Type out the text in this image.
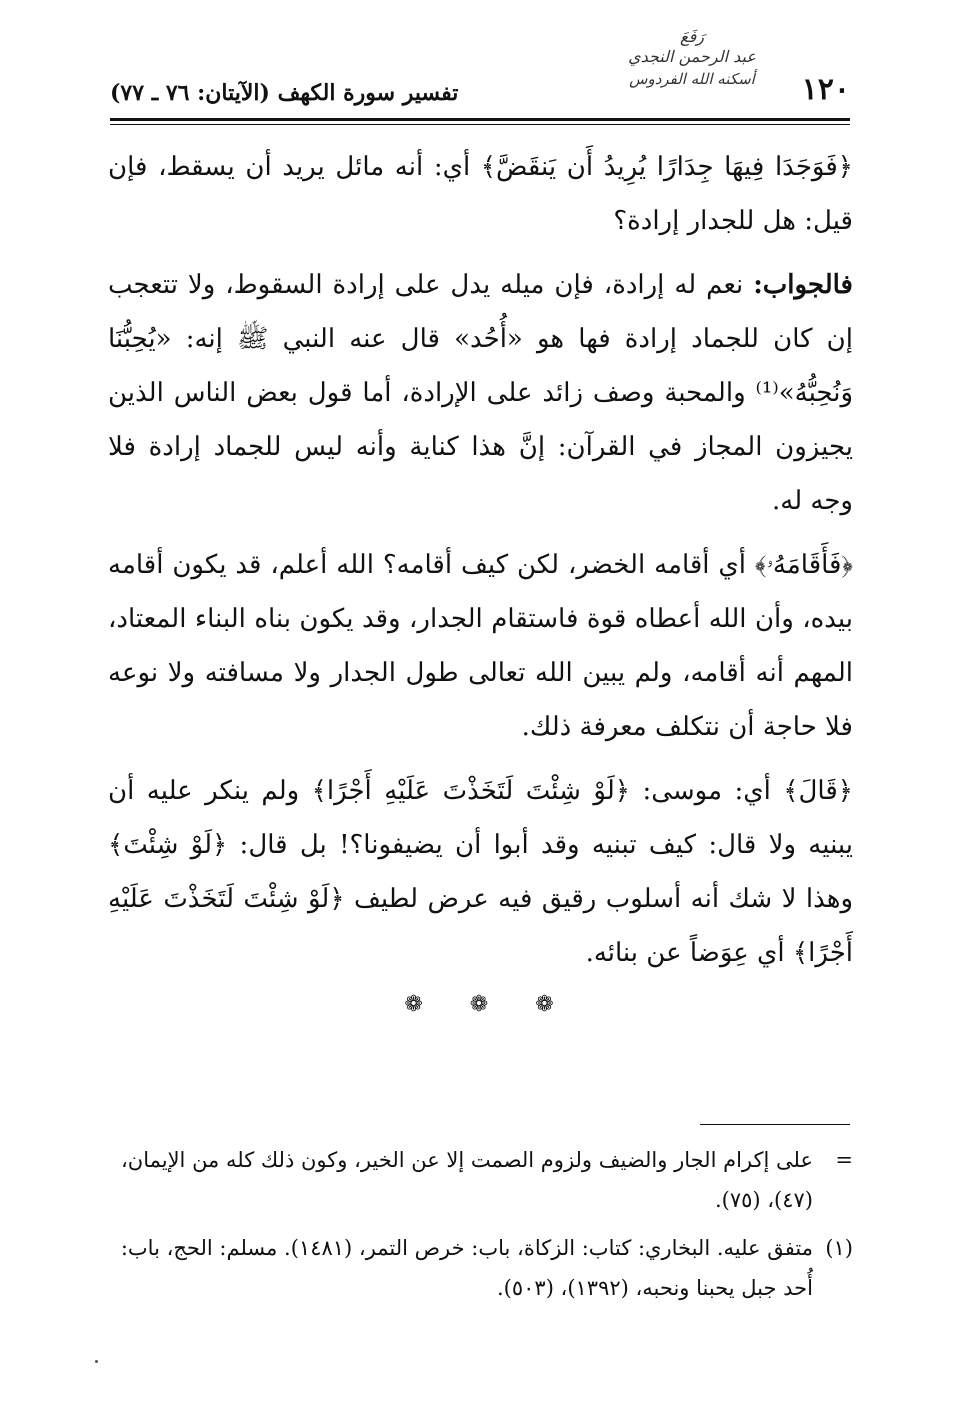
١٢٠
رَفَعَ
عبد الرحمن النجدي
أسكنه الله الفردوس
تفسير سورة الكهف (الآيتان: ٧٦ ـ ٧٧)

﴿فَوَجَدَا فِيهَا جِدَارًا يُرِيدُ أَن يَنقَضَّ﴾ أي: أنه مائل يريد أن يسقط، فإن قيل: هل للجدار إرادة؟

فالجواب: نعم له إرادة، فإن ميله يدل على إرادة السقوط، ولا تتعجب إن كان للجماد إرادة فها هو «أُحُد» قال عنه النبي ﷺ إنه: «يُحِبُّنَا وَنُحِبُّهُ»⁽¹⁾ والمحبة وصف زائد على الإرادة، أما قول بعض الناس الذين يجيزون المجاز في القرآن: إنَّ هذا كناية وأنه ليس للجماد إرادة فلا وجه له.

﴿فَأَقَامَهُۥ﴾ أي أقامه الخضر، لكن كيف أقامه؟ الله أعلم، قد يكون أقامه بيده، وأن الله أعطاه قوة فاستقام الجدار، وقد يكون بناه البناء المعتاد، المهم أنه أقامه، ولم يبين الله تعالى طول الجدار ولا مسافته ولا نوعه فلا حاجة أن نتكلف معرفة ذلك.

﴿قَالَ﴾ أي: موسى: ﴿لَوْ شِئْتَ لَتَخَذْتَ عَلَيْهِ أَجْرًا﴾ ولم ينكر عليه أن يبنيه ولا قال: كيف تبنيه وقد أبوا أن يضيفونا؟! بل قال: ﴿لَوْ شِئْتَ﴾ وهذا لا شك أنه أسلوب رقيق فيه عرض لطيف ﴿لَوْ شِئْتَ لَتَخَذْتَ عَلَيْهِ أَجْرًا﴾ أي عِوَضاً عن بنائه.

❁ ❁ ❁

=
على إكرام الجار والضيف ولزوم الصمت إلا عن الخير، وكون ذلك كله من الإيمان، (٤٧)، (٧٥).

(١)
متفق عليه. البخاري: كتاب: الزكاة، باب: خرص التمر، (١٤٨١). مسلم: الحج، باب: أُحد جبل يحبنا ونحبه، (١٣٩٢)، (٥٠٣).
